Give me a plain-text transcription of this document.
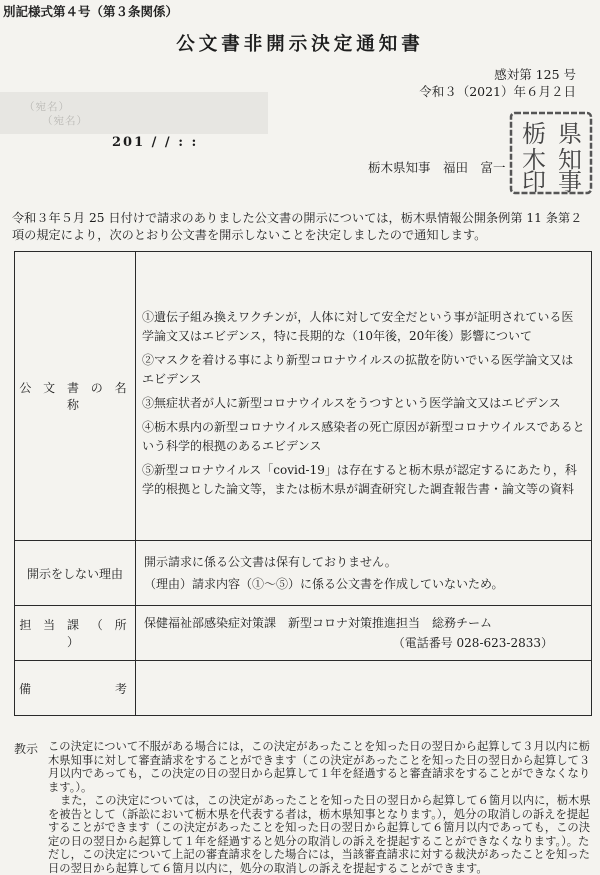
別記様式第４号（第３条関係）
公文書非開示決定通知書
感対第 125 号
令和３（2021）年６月２日
（宛名）
（宛名）
201 / / : :
栃木県知事　福田　富一
県
知
事
栃
木
印
令和３年５月 25 日付けで請求のありました公文書の開示については，栃木県情報公開条例第 11 条第２項の規定により，次のとおり公文書を開示しないことを決定しましたので通知します。
公 文 書 の 名 称	①遺伝子組み換えワクチンが，人体に対して安全だという事が証明されている医学論文又はエビデンス，特に長期的な（10年後，20年後）影響について
②マスクを着ける事により新型コロナウイルスの拡散を防いでいる医学論文又はエビデンス
③無症状者が人に新型コロナウイルスをうつすという医学論文又はエビデンス
④栃木県内の新型コロナウイルス感染者の死亡原因が新型コロナウイルスであるという科学的根拠のあるエビデンス
⑤新型コロナウイルス「covid-19」は存在すると栃木県が認定するにあたり，科学的根拠とした論文等，または栃木県が調査研究した調査報告書・論文等の資料

開示をしない理由	開示請求に係る公文書は保有しておりません。
（理由）請求内容（①〜⑤）に係る公文書を作成していないため。

担 当 課 （ 所 ）	保健福祉部感染症対策課　新型コロナ対策推進担当　総務チーム
（電話番号 028-623-2833）

備　　　　　考	
教示 この決定について不服がある場合には，この決定があったことを知った日の翌日から起算して３月以内に栃木県知事に対して審査請求をすることができます（この決定があったことを知った日の翌日から起算して３月以内であっても，この決定の日の翌日から起算して１年を経過すると審査請求をすることができなくなります。）。

また，この決定については，この決定があったことを知った日の翌日から起算して６箇月以内に，栃木県を被告として（訴訟において栃木県を代表する者は，栃木県知事となります。），処分の取消しの訴えを提起することができます（この決定があったことを知った日の翌日から起算して６箇月以内であっても，この決定の日の翌日から起算して１年を経過すると処分の取消しの訴えを提起することができなくなります。）。ただし，この決定について上記の審査請求をした場合には，当該審査請求に対する裁決があったことを知った日の翌日から起算して６箇月以内に，処分の取消しの訴えを提起することができます。
